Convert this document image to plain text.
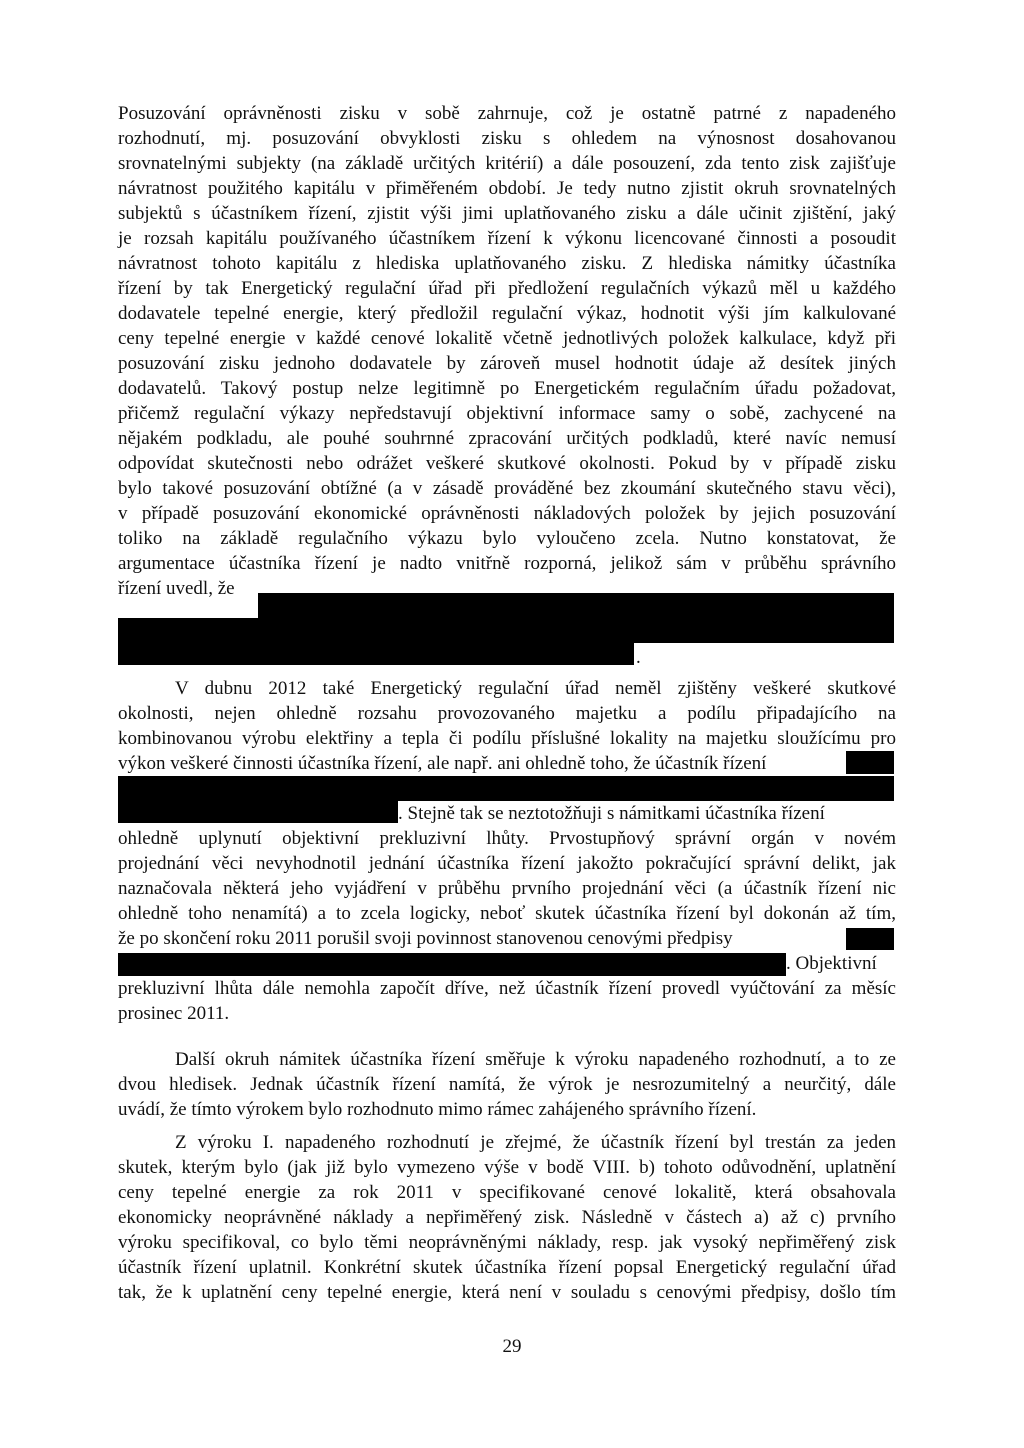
Posuzování oprávněnosti zisku v sobě zahrnuje, což je ostatně patrné z napadeného
rozhodnutí, mj. posuzování obvyklosti zisku s ohledem na výnosnost dosahovanou
srovnatelnými subjekty (na základě určitých kritérií) a dále posouzení, zda tento zisk zajišťuje
návratnost použitého kapitálu v přiměřeném období. Je tedy nutno zjistit okruh srovnatelných
subjektů s účastníkem řízení, zjistit výši jimi uplatňovaného zisku a dále učinit zjištění, jaký
je rozsah kapitálu používaného účastníkem řízení k výkonu licencované činnosti a posoudit
návratnost tohoto kapitálu z hlediska uplatňovaného zisku. Z hlediska námitky účastníka
řízení by tak Energetický regulační úřad při předložení regulačních výkazů měl u každého
dodavatele tepelné energie, který předložil regulační výkaz, hodnotit výši jím kalkulované
ceny tepelné energie v každé cenové lokalitě včetně jednotlivých položek kalkulace, když při
posuzování zisku jednoho dodavatele by zároveň musel hodnotit údaje až desítek jiných
dodavatelů. Takový postup nelze legitimně po Energetickém regulačním úřadu požadovat,
přičemž regulační výkazy nepředstavují objektivní informace samy o sobě, zachycené na
nějakém podkladu, ale pouhé souhrnné zpracování určitých podkladů, které navíc nemusí
odpovídat skutečnosti nebo odrážet veškeré skutkové okolnosti. Pokud by v případě zisku
bylo takové posuzování obtížné (a v zásadě prováděné bez zkoumání skutečného stavu věci),
v případě posuzování ekonomické oprávněnosti nákladových položek by jejich posuzování
toliko na základě regulačního výkazu bylo vyloučeno zcela. Nutno konstatovat, že
argumentace účastníka řízení je nadto vnitřně rozporná, jelikož sám v průběhu správního
řízení uvedl, že
.
V dubnu 2012 také Energetický regulační úřad neměl zjištěny veškeré skutkové
okolnosti, nejen ohledně rozsahu provozovaného majetku a podílu připadajícího na
kombinovanou výrobu elektřiny a tepla či podílu příslušné lokality na majetku sloužícímu pro
výkon veškeré činnosti účastníka řízení, ale např. ani ohledně toho, že účastník řízení
. Stejně tak se neztotožňuji s námitkami účastníka řízení
ohledně uplynutí objektivní prekluzivní lhůty. Prvostupňový správní orgán v novém
projednání věci nevyhodnotil jednání účastníka řízení jakožto pokračující správní delikt, jak
naznačovala některá jeho vyjádření v průběhu prvního projednání věci (a účastník řízení nic
ohledně toho nenamítá) a to zcela logicky, neboť skutek účastníka řízení byl dokonán až tím,
že po skončení roku 2011 porušil svoji povinnost stanovenou cenovými předpisy
. Objektivní
prekluzivní lhůta dále nemohla započít dříve, než účastník řízení provedl vyúčtování za měsíc
prosinec 2011.
Další okruh námitek účastníka řízení směřuje k výroku napadeného rozhodnutí, a to ze
dvou hledisek. Jednak účastník řízení namítá, že výrok je nesrozumitelný a neurčitý, dále
uvádí, že tímto výrokem bylo rozhodnuto mimo rámec zahájeného správního řízení.
Z výroku I. napadeného rozhodnutí je zřejmé, že účastník řízení byl trestán za jeden
skutek, kterým bylo (jak již bylo vymezeno výše v bodě VIII. b) tohoto odůvodnění, uplatnění
ceny tepelné energie za rok 2011 v specifikované cenové lokalitě, která obsahovala
ekonomicky neoprávněné náklady a nepřiměřený zisk. Následně v částech a) až c) prvního
výroku specifikoval, co bylo těmi neoprávněnými náklady, resp. jak vysoký nepřiměřený zisk
účastník řízení uplatnil. Konkrétní skutek účastníka řízení popsal Energetický regulační úřad
tak, že k uplatnění ceny tepelné energie, která není v souladu s cenovými předpisy, došlo tím
29
